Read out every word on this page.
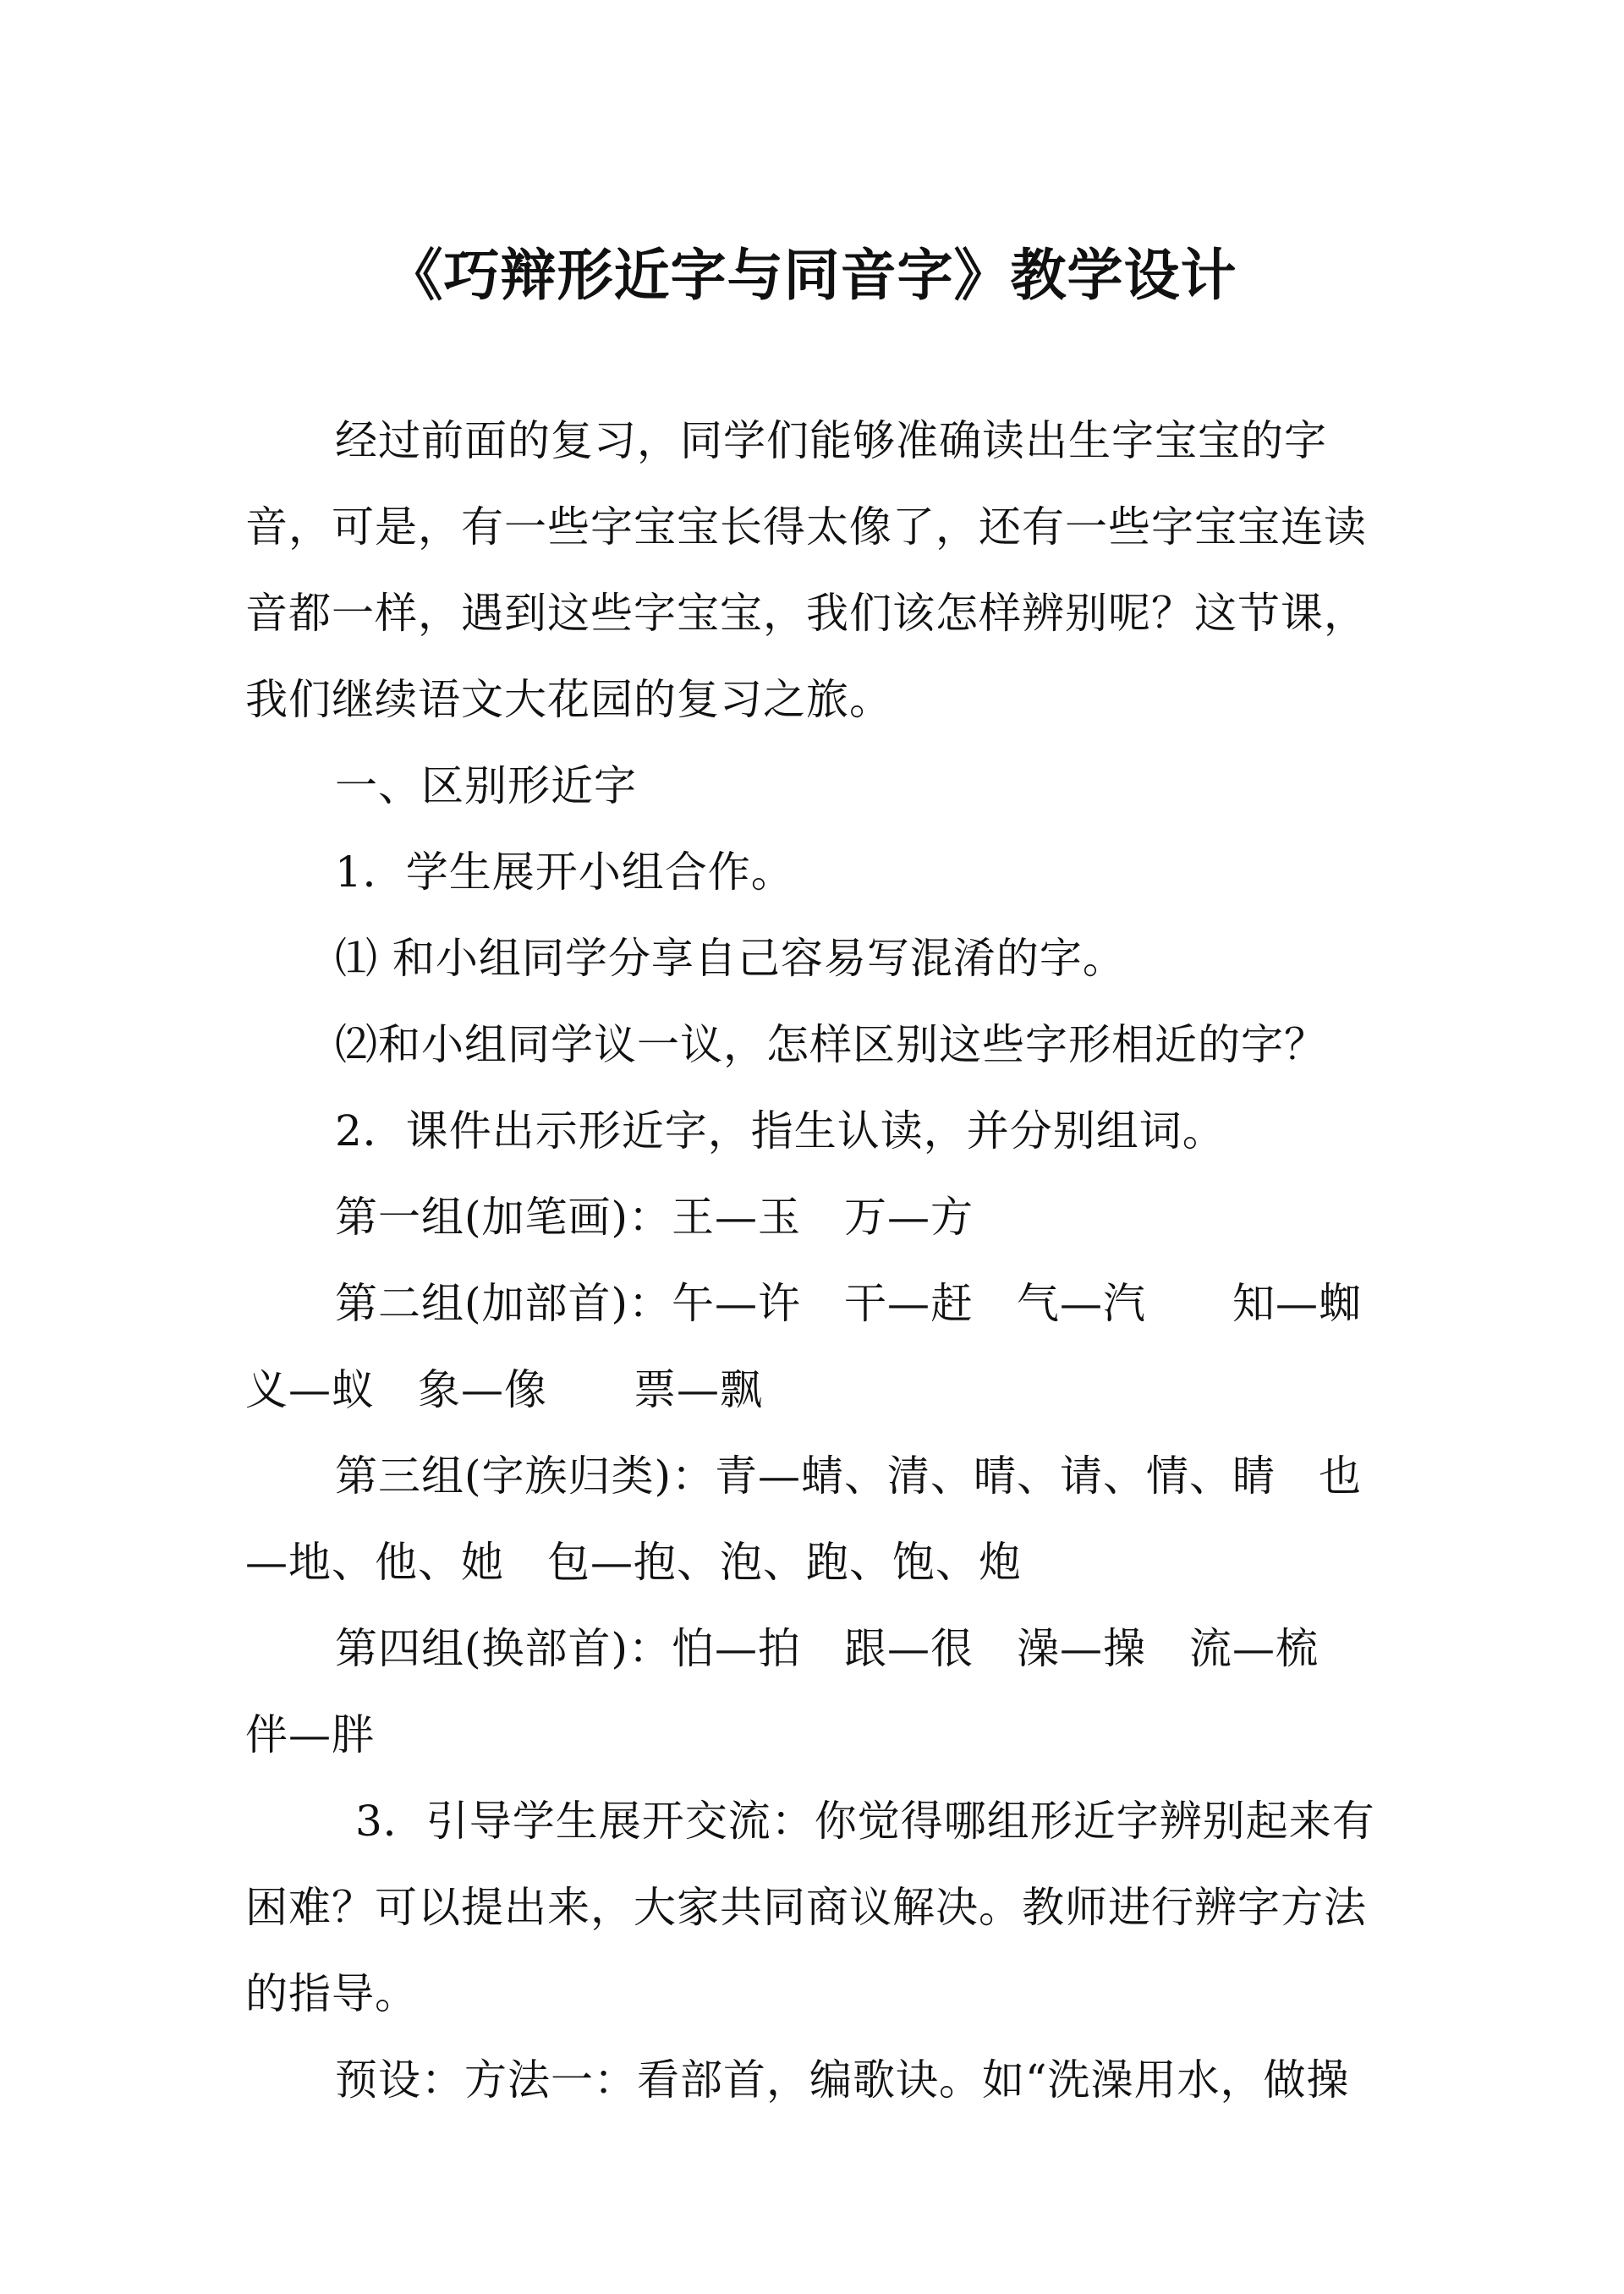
《巧辩形近字与同音字》教学设计

经过前面的复习，同学们能够准确读出生字宝宝的字音，可是，有一些字宝宝长得太像了，还有一些字宝宝连读音都一样，遇到这些字宝宝，我们该怎样辨别呢？这节课，我们继续语文大花园的复习之旅。

一、区别形近字

1．学生展开小组合作。

⑴ 和小组同学分享自己容易写混淆的字。

⑵和小组同学议一议，怎样区别这些字形相近的字？

2．课件出示形近字，指生认读，并分别组词。

第一组(加笔画)：王—玉　万—方

第二组(加部首)：午—许　干—赶　气—汽　　知—蜘　义—蚁　象—像　　票—飘

第三组(字族归类)：青—蜻、清、晴、请、情、睛　也—地、他、她　包—抱、泡、跑、饱、炮

第四组(换部首)：怕—拍　跟—很　澡—操　流—梳　伴—胖

3．引导学生展开交流：你觉得哪组形近字辨别起来有困难？可以提出来，大家共同商议解决。教师进行辨字方法的指导。

预设：方法一：看部首，编歌诀。如“洗澡用水，做操
